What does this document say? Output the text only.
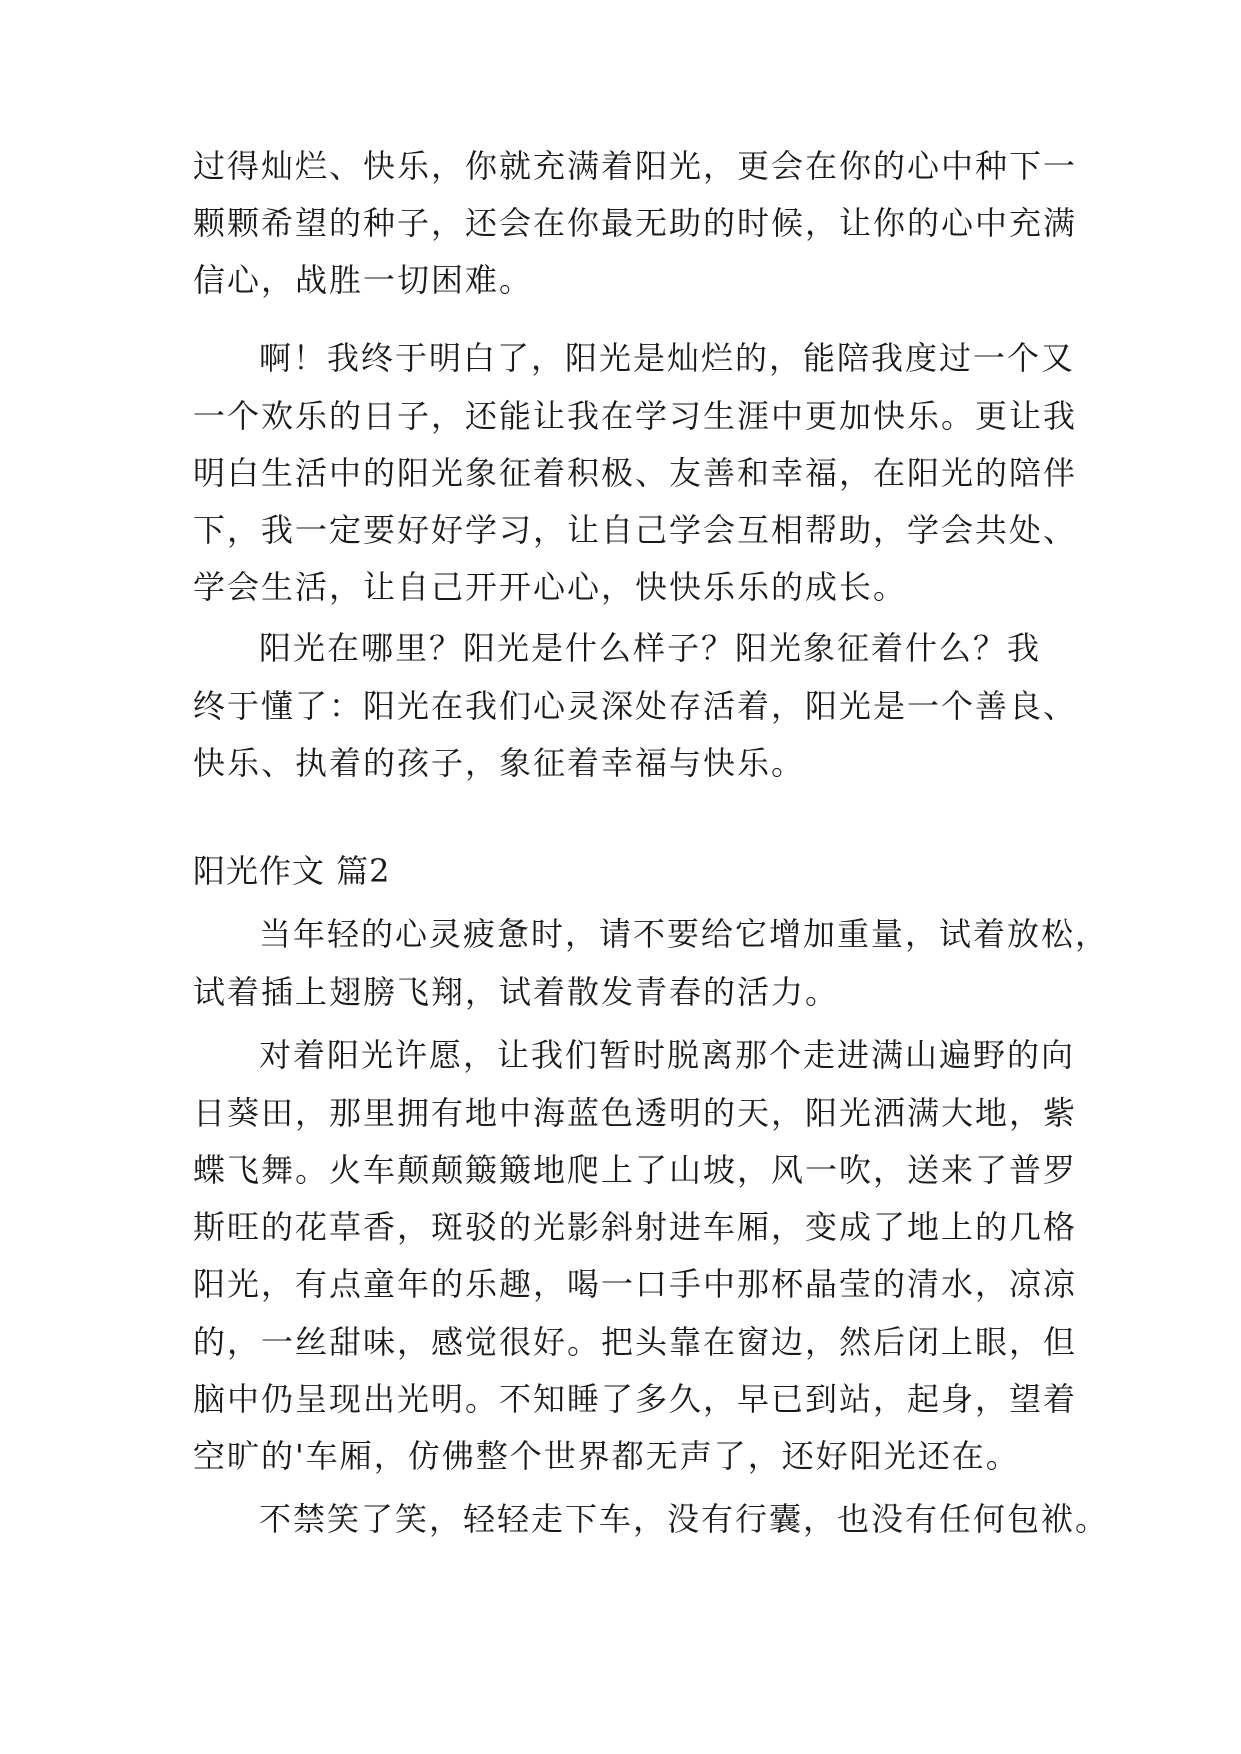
过得灿烂、快乐，你就充满着阳光，更会在你的心中种下一
颗颗希望的种子，还会在你最无助的时候，让你的心中充满
信心，战胜一切困难。
啊！我终于明白了，阳光是灿烂的，能陪我度过一个又
一个欢乐的日子，还能让我在学习生涯中更加快乐。更让我
明白生活中的阳光象征着积极、友善和幸福，在阳光的陪伴
下，我一定要好好学习，让自己学会互相帮助，学会共处、
学会生活，让自己开开心心，快快乐乐的成长。
阳光在哪里？阳光是什么样子？阳光象征着什么？我
终于懂了：阳光在我们心灵深处存活着，阳光是一个善良、
快乐、执着的孩子，象征着幸福与快乐。
阳光作文 篇2
当年轻的心灵疲惫时，请不要给它增加重量，试着放松，
试着插上翅膀飞翔，试着散发青春的活力。
对着阳光许愿，让我们暂时脱离那个走进满山遍野的向
日葵田，那里拥有地中海蓝色透明的天，阳光洒满大地，紫
蝶飞舞。火车颠颠簸簸地爬上了山坡，风一吹，送来了普罗
斯旺的花草香，斑驳的光影斜射进车厢，变成了地上的几格
阳光，有点童年的乐趣，喝一口手中那杯晶莹的清水，凉凉
的，一丝甜味，感觉很好。把头靠在窗边，然后闭上眼，但
脑中仍呈现出光明。不知睡了多久，早已到站，起身，望着
空旷的'车厢，仿佛整个世界都无声了，还好阳光还在。
不禁笑了笑，轻轻走下车，没有行囊，也没有任何包袱。
